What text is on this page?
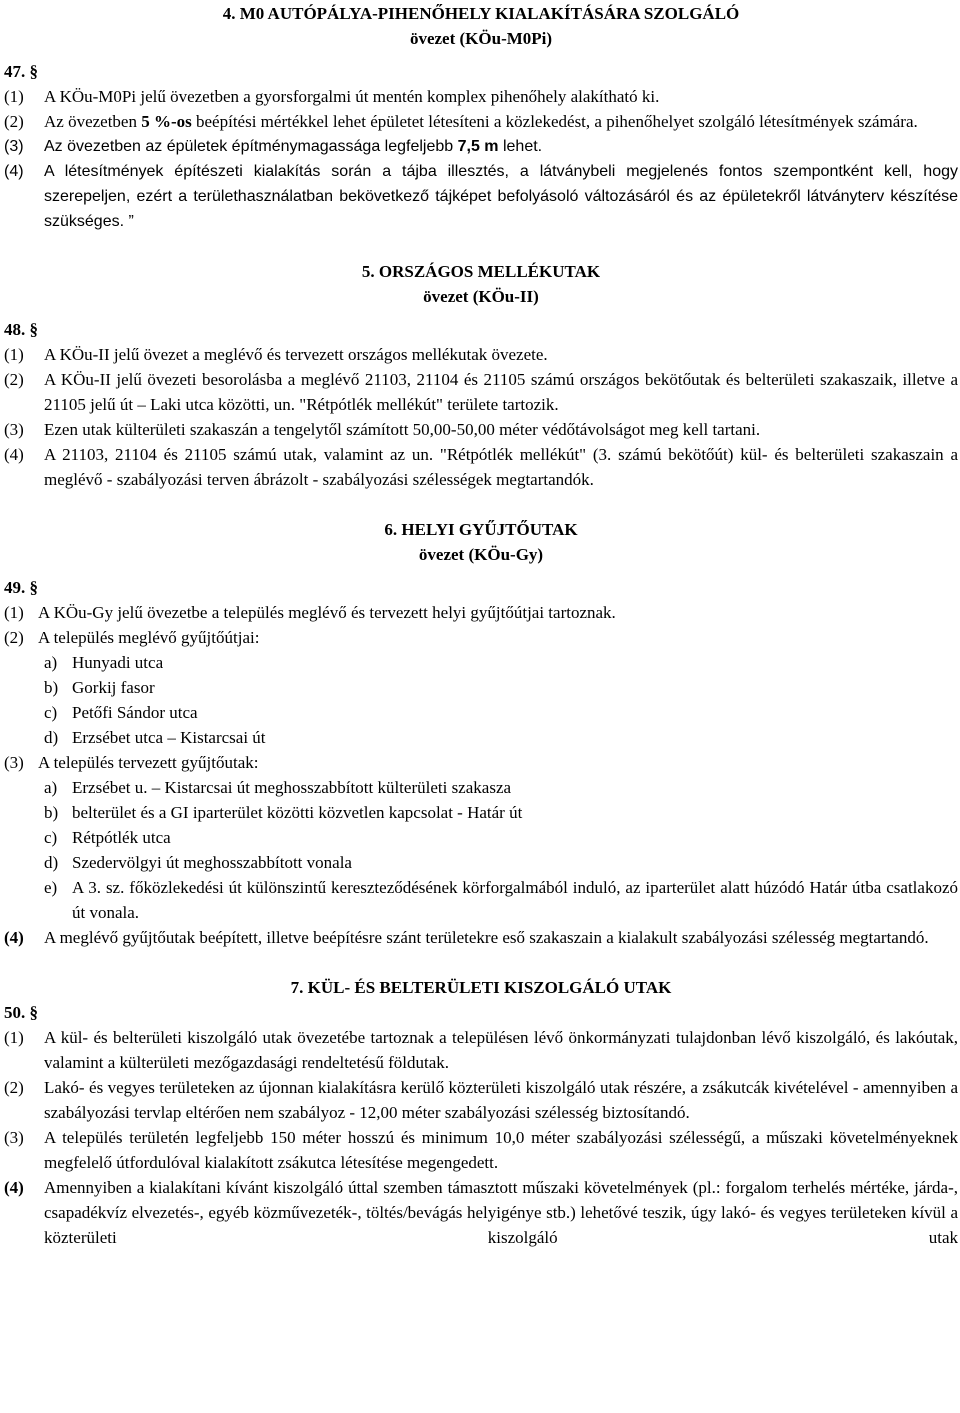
4. M0 AUTÓPÁLYA-PIHENŐHELY KIALAKÍTÁSÁRA SZOLGÁLÓ
övezet (KÖu-M0Pi)
47. §
(1) A KÖu-M0Pi jelű övezetben a gyorsforgalmi út mentén komplex pihenőhely alakítható ki.
(2) Az övezetben 5 %-os beépítési mértékkel lehet épületet létesíteni a közlekedést, a pihenőhelyet szolgáló létesítmények számára.
(3) Az övezetben az épületek építménymagassága legfeljebb 7,5 m lehet.
(4) A létesítmények építészeti kialakítás során a tájba illesztés, a látványbeli megjelenés fontos szempontként kell, hogy szerepeljen, ezért a területhasználatban bekövetkező tájképet befolyásoló változásáról és az épületekről látványterv készítése szükséges. ”
5. ORSZÁGOS MELLÉKUTAK
övezet (KÖu-II)
48. §
(1) A KÖu-II jelű övezet a meglévő és tervezett országos mellékutak övezete.
(2) A KÖu-II jelű övezeti besorolásba a meglévő 21103, 21104 és 21105 számú országos bekötőutak és belterületi szakaszaik, illetve a 21105 jelű út – Laki utca közötti, un. "Rétpótlék mellékút" területe tartozik.
(3) Ezen utak külterületi szakaszán a tengelytől számított 50,00-50,00 méter védőtávolságot meg kell tartani.
(4) A 21103, 21104 és 21105 számú utak, valamint az un. "Rétpótlék mellékút" (3. számú bekötőút) kül- és belterületi szakaszain a meglévő - szabályozási terven ábrázolt - szabályozási szélességek megtartandók.
6. HELYI GYŰJTŐUTAK
övezet (KÖu-Gy)
49. §
(1) A KÖu-Gy jelű övezetbe a település meglévő és tervezett helyi gyűjtőútjai tartoznak.
(2) A település meglévő gyűjtőútjai:
a) Hunyadi utca
b) Gorkij fasor
c) Petőfi Sándor utca
d) Erzsébet utca – Kistarcsai út
(3) A település tervezett gyűjtőutak:
a) Erzsébet u. – Kistarcsai út meghosszabbított külterületi szakasza
b) belterület és a GI iparterület közötti közvetlen kapcsolat - Határ út
c) Rétpótlék utca
d) Szedervölgyi út meghosszabbított vonala
e) A 3. sz. főközlekedési út különszintű kereszteződésének körforgalmából induló, az iparterület alatt húzódó Határ útba csatlakozó út vonala.
(4) A meglévő gyűjtőutak beépített, illetve beépítésre szánt területekre eső szakaszain a kialakult szabályozási szélesség megtartandó.
7. KÜL- ÉS BELTERÜLETI KISZOLGÁLÓ UTAK
50. §
(1) A kül- és belterületi kiszolgáló utak övezetébe tartoznak a településen lévő önkormányzati tulajdonban lévő kiszolgáló, és lakóutak, valamint a külterületi mezőgazdasági rendeltetésű földutak.
(2) Lakó- és vegyes területeken az újonnan kialakításra kerülő közterületi kiszolgáló utak részére, a zsákutcák kivételével - amennyiben a szabályozási tervlap eltérően nem szabályoz - 12,00 méter szabályozási szélesség biztosítandó.
(3) A település területén legfeljebb 150 méter hosszú és minimum 10,0 méter szabályozási szélességű, a műszaki követelményeknek megfelelő útfordulóval kialakított zsákutca létesítése megengedett.
(4) Amennyiben a kialakítani kívánt kiszolgáló úttal szemben támasztott műszaki követelmények (pl.: forgalom terhelés mértéke, járda-, csapadékvíz elvezetés-, egyéb közművezeték-, töltés/bevágás helyigénye stb.) lehetővé teszik, úgy lakó- és vegyes területeken kívül a közterületi kiszolgáló utak
